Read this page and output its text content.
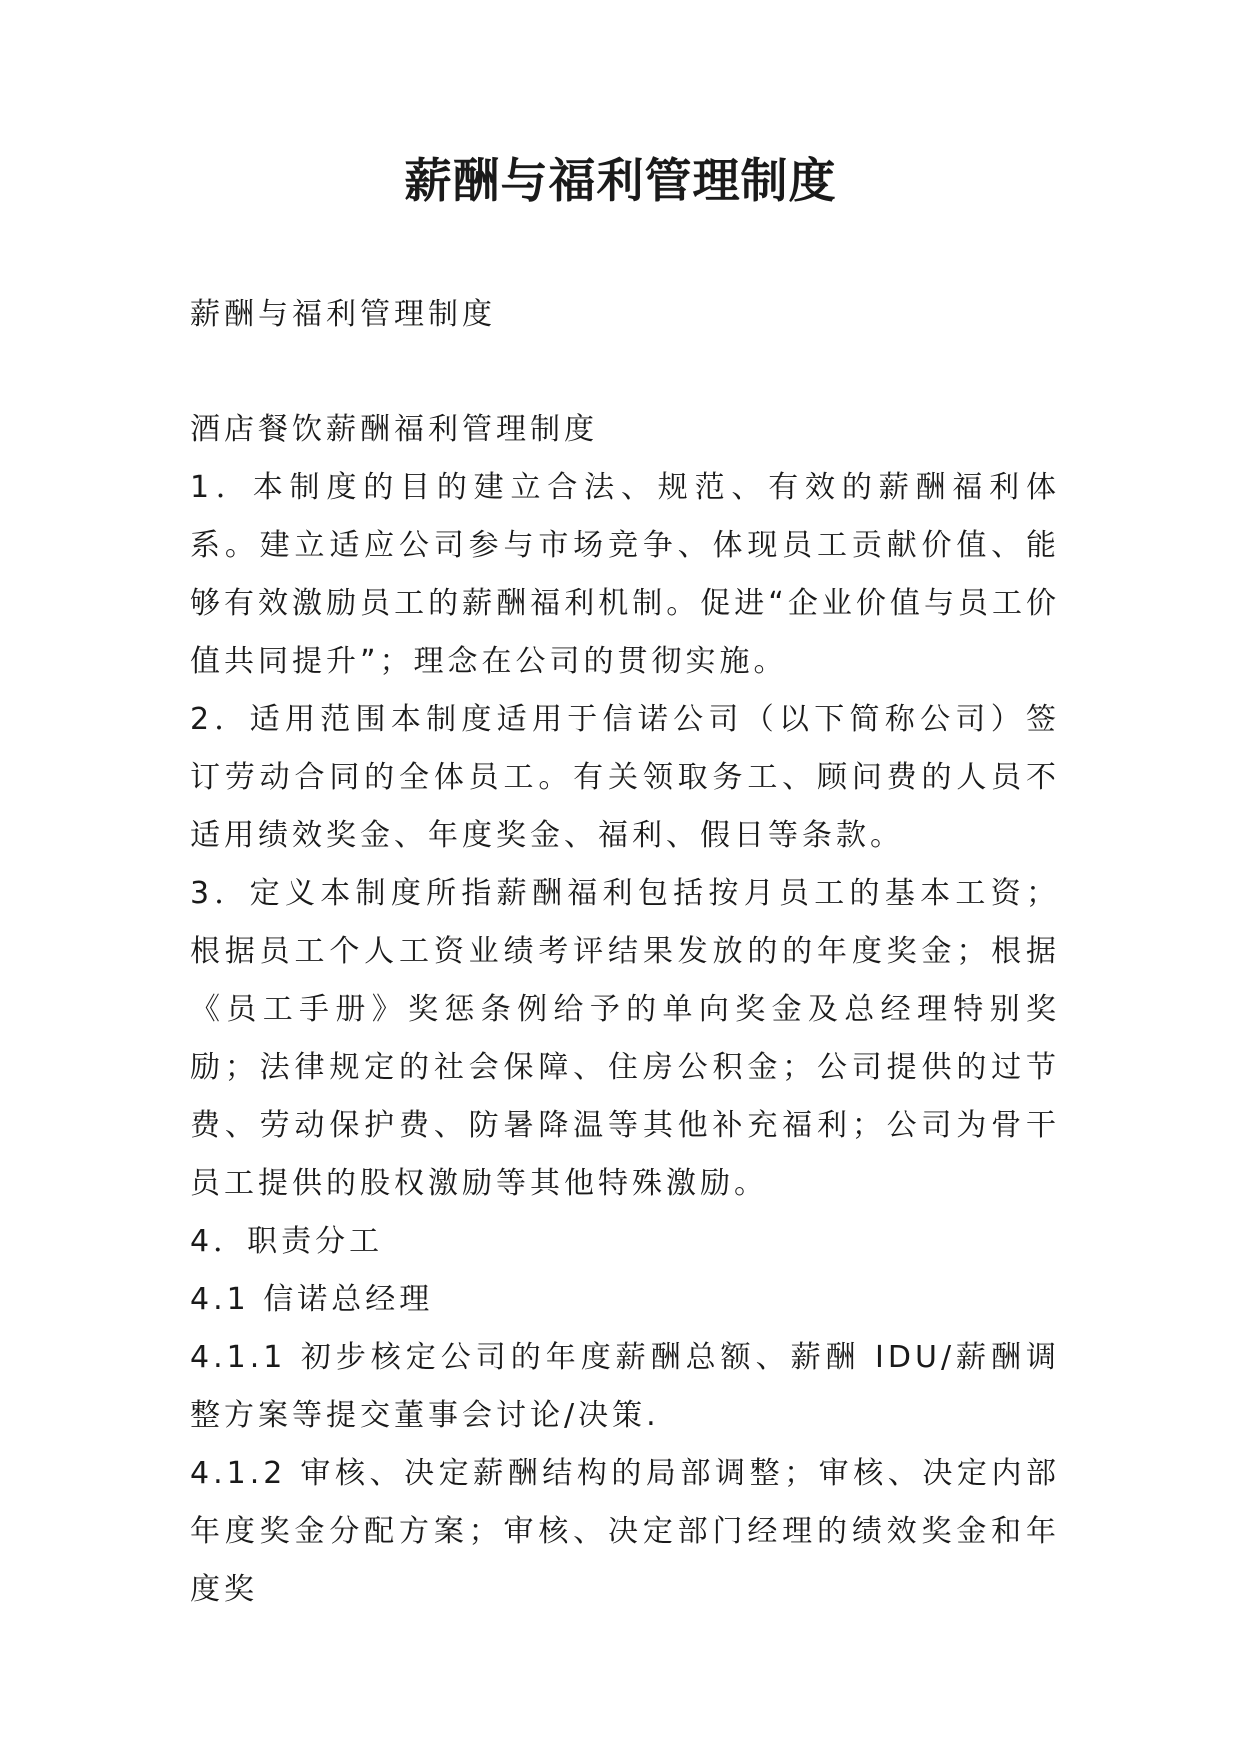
薪酬与福利管理制度
薪酬与福利管理制度

酒店餐饮薪酬福利管理制度

1．本制度的目的建立合法、规范、有效的薪酬福利体系。建立适应公司参与市场竞争、体现员工贡献价值、能够有效激励员工的薪酬福利机制。促进“企业价值与员工价值共同提升”；理念在公司的贯彻实施。

2．适用范围本制度适用于信诺公司（以下简称公司）签订劳动合同的全体员工。有关领取务工、顾问费的人员不适用绩效奖金、年度奖金、福利、假日等条款。

3．定义本制度所指薪酬福利包括按月员工的基本工资；根据员工个人工资业绩考评结果发放的的年度奖金；根据《员工手册》奖惩条例给予的单向奖金及总经理特别奖励；法律规定的社会保障、住房公积金；公司提供的过节费、劳动保护费、防暑降温等其他补充福利；公司为骨干员工提供的股权激励等其他特殊激励。

4．职责分工

4.1 信诺总经理

4.1.1 初步核定公司的年度薪酬总额、薪酬 IDU/薪酬调整方案等提交董事会讨论/决策.

4.1.2 审核、决定薪酬结构的局部调整；审核、决定内部年度奖金分配方案；审核、决定部门经理的绩效奖金和年度奖
